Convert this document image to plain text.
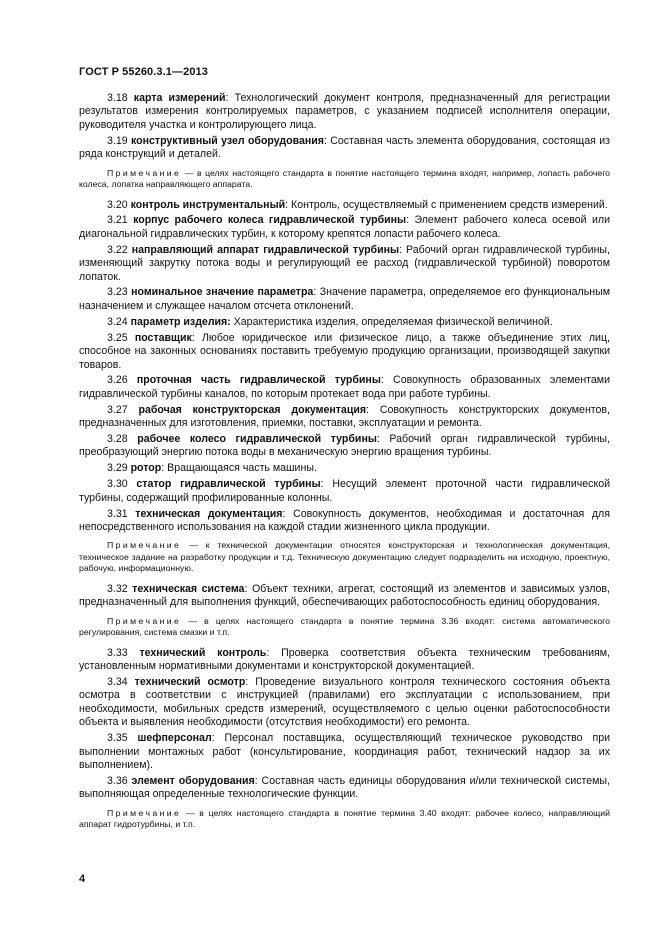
ГОСТ Р 55260.3.1—2013

3.18 карта измерений: Технологический документ контроля, предназначенный для регистрации результатов измерения контролируемых параметров, с указанием подписей исполнителя операции, руководителя участка и контролирующего лица.

3.19 конструктивный узел оборудования: Составная часть элемента оборудования, состоящая из ряда конструкций и деталей.

Примечание — в целях настоящего стандарта в понятие настоящего термина входят, например, лопасть рабочего колеса, лопатка направляющего аппарата.

3.20 контроль инструментальный: Контроль, осуществляемый с применением средств измерений.

3.21 корпус рабочего колеса гидравлической турбины: Элемент рабочего колеса осевой или диагональной гидравлических турбин, к которому крепятся лопасти рабочего колеса.

3.22 направляющий аппарат гидравлической турбины: Рабочий орган гидравлической турбины, изменяющий закрутку потока воды и регулирующий ее расход (гидравлической турбиной) поворотом лопаток.

3.23 номинальное значение параметра: Значение параметра, определяемое его функциональным назначением и служащее началом отсчета отклонений.

3.24 параметр изделия: Характеристика изделия, определяемая физической величиной.

3.25 поставщик: Любое юридическое или физическое лицо, а также объединение этих лиц, способное на законных основаниях поставить требуемую продукцию организации, производящей закупки товаров.

3.26 проточная часть гидравлической турбины: Совокупность образованных элементами гидравлической турбины каналов, по которым протекает вода при работе турбины.

3.27 рабочая конструкторская документация: Совокупность конструкторских документов, предназначенных для изготовления, приемки, поставки, эксплуатации и ремонта.

3.28 рабочее колесо гидравлической турбины: Рабочий орган гидравлической турбины, преобразующий энергию потока воды в механическую энергию вращения турбины.

3.29 ротор: Вращающаяся часть машины.

3.30 статор гидравлической турбины: Несущий элемент проточной части гидравлической турбины, содержащий профилированные колонны.

3.31 техническая документация: Совокупность документов, необходимая и достаточная для непосредственного использования на каждой стадии жизненного цикла продукции.

Примечание — к технической документации относятся конструкторская и технологическая документация, техническое задание на разработку продукции и т.д. Техническую документацию следует подразделить на исходную, проектную, рабочую, информационную.

3.32 техническая система: Объект техники, агрегат, состоящий из элементов и зависимых узлов, предназначенный для выполнения функций, обеспечивающих работоспособность единиц оборудования.

Примечание — в целях настоящего стандарта в понятие термина 3.36 входят: система автоматического регулирования, система смазки и т.п.

3.33 технический контроль: Проверка соответствия объекта техническим требованиям, установленным нормативными документами и конструкторской документацией.

3.34 технический осмотр: Проведение визуального контроля технического состояния объекта осмотра в соответствии с инструкцией (правилами) его эксплуатации с использованием, при необходимости, мобильных средств измерений, осуществляемого с целью оценки работоспособности объекта и выявления необходимости (отсутствия необходимости) его ремонта.

3.35 шефперсонал: Персонал поставщика, осуществляющий техническое руководство при выполнении монтажных работ (консультирование, координация работ, технический надзор за их выполнением).

3.36 элемент оборудования: Составная часть единицы оборудования и/или технической системы, выполняющая определенные технологические функции.

Примечание — в целях настоящего стандарта в понятие термина 3.40 входят: рабочее колесо, направляющий аппарат гидротурбины, и т.п.

4
